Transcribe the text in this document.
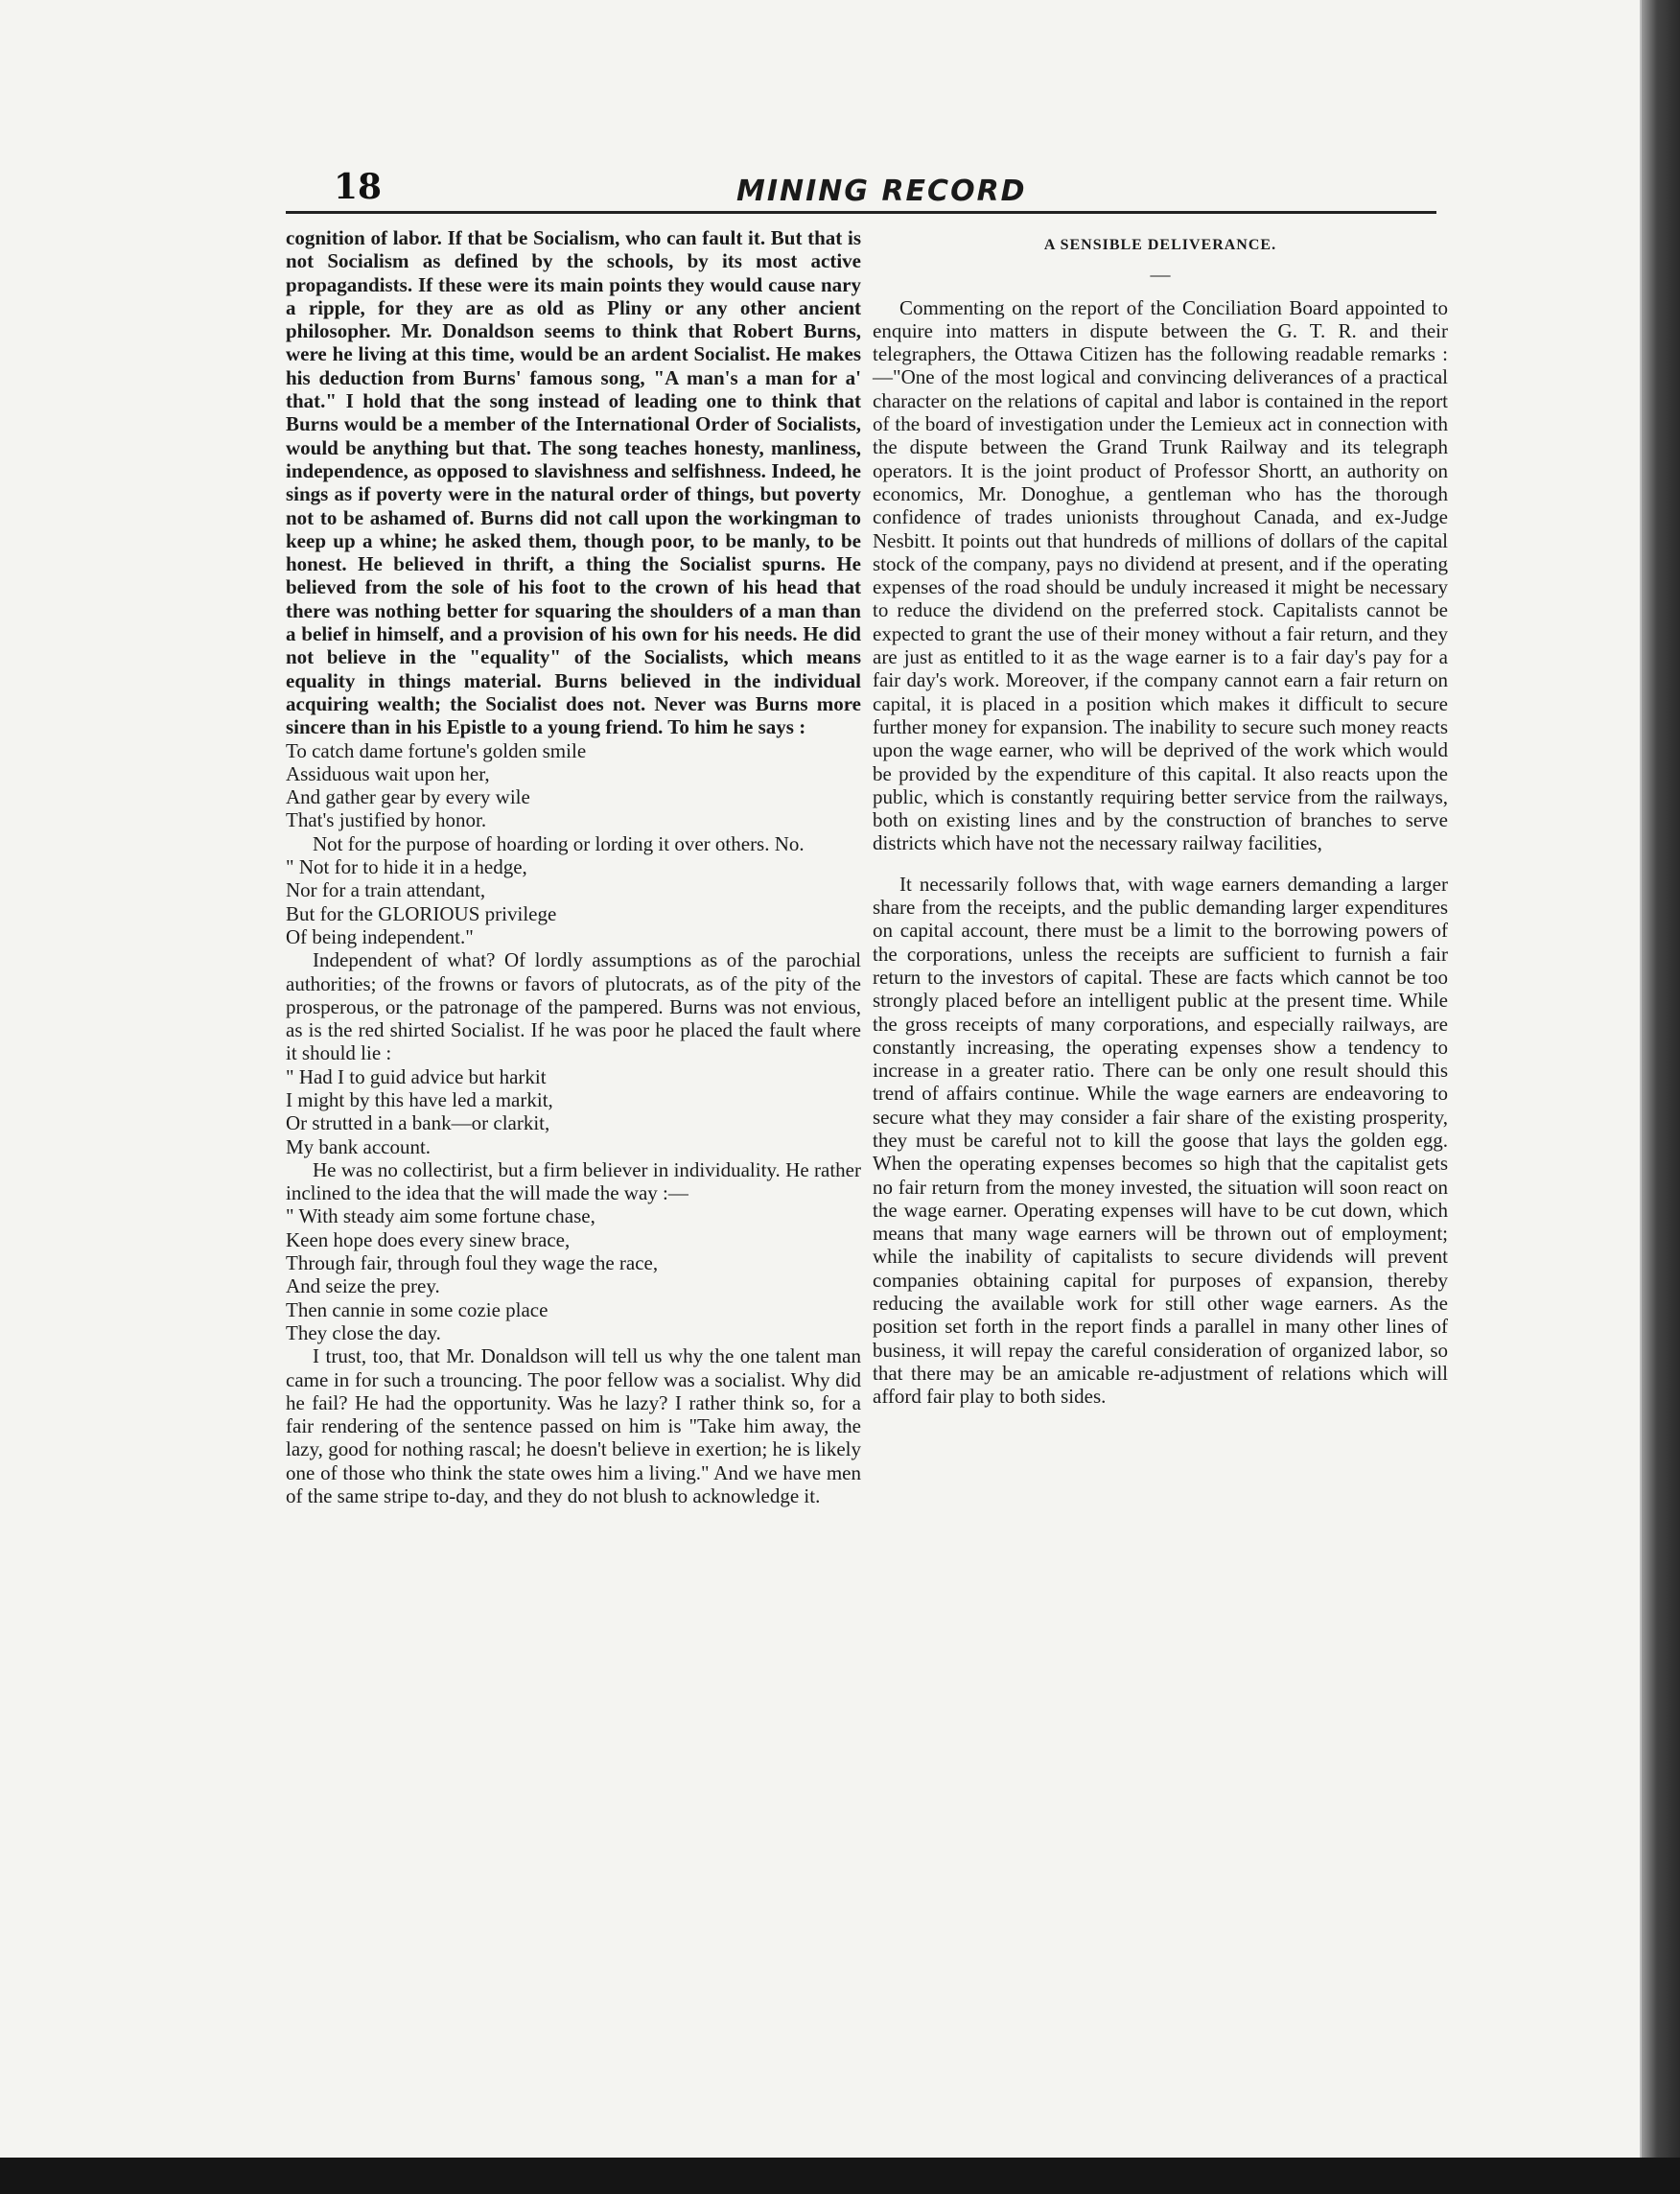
18	MINING RECORD

cognition of labor. If that be Socialism, who can fault it. But that is not Socialism as defined by the schools, by its most active propagandists. If these were its main points they would cause nary a ripple, for they are as old as Pliny or any other ancient philosopher. Mr. Donaldson seems to think that Robert Burns, were he living at this time, would be an ardent Socialist. He makes his deduction from Burns' famous song, "A man's a man for a' that." I hold that the song instead of leading one to think that Burns would be a member of the International Order of Socialists, would be anything but that. The song teaches honesty, manliness, independence, as opposed to slavishness and selfishness. Indeed, he sings as if poverty were in the natural order of things, but poverty not to be ashamed of. Burns did not call upon the workingman to keep up a whine; he asked them, though poor, to be manly, to be honest. He believed in thrift, a thing the Socialist spurns. He believed from the sole of his foot to the crown of his head that there was nothing better for squaring the shoulders of a man than a belief in himself, and a provision of his own for his needs. He did not believe in the "equality" of the Socialists, which means equality in things material. Burns believed in the individual acquiring wealth; the Socialist does not. Never was Burns more sincere than in his Epistle to a young friend. To him he says :

To catch dame fortune's golden smile
Assiduous wait upon her,
And gather gear by every wile
That's justified by honor.

Not for the purpose of hoarding or lording it over others. No.

" Not for to hide it in a hedge,
Nor for a train attendant,
But for the GLORIOUS privilege
Of being independent."

Independent of what? Of lordly assumptions as of the parochial authorities; of the frowns or favors of plutocrats, as of the pity of the prosperous, or the patronage of the pampered. Burns was not envious, as is the red shirted Socialist. If he was poor he placed the fault where it should lie :

" Had I to guid advice but harkit
I might by this have led a markit,
Or strutted in a bank—or clarkit,
My bank account.

He was no collectirist, but a firm believer in individuality. He rather inclined to the idea that the will made the way :—

" With steady aim some fortune chase,
Keen hope does every sinew brace,
Through fair, through foul they wage the race,
And seize the prey.
Then cannie in some cozie place
They close the day.

I trust, too, that Mr. Donaldson will tell us why the one talent man came in for such a trouncing. The poor fellow was a socialist. Why did he fail? He had the opportunity. Was he lazy? I rather think so, for a fair rendering of the sentence passed on him is "Take him away, the lazy, good for nothing rascal; he doesn't believe in exertion; he is likely one of those who think the state owes him a living." And we have men of the same stripe to-day, and they do not blush to acknowledge it.

A SENSIBLE DELIVERANCE.

—

Commenting on the report of the Conciliation Board appointed to enquire into matters in dispute between the G. T. R. and their telegraphers, the Ottawa Citizen has the following readable remarks :—"One of the most logical and convincing deliverances of a practical character on the relations of capital and labor is contained in the report of the board of investigation under the Lemieux act in connection with the dispute between the Grand Trunk Railway and its telegraph operators. It is the joint product of Professor Shortt, an authority on economics, Mr. Donoghue, a gentleman who has the thorough confidence of trades unionists throughout Canada, and ex-Judge Nesbitt. It points out that hundreds of millions of dollars of the capital stock of the company, pays no dividend at present, and if the operating expenses of the road should be unduly increased it might be necessary to reduce the dividend on the preferred stock. Capitalists cannot be expected to grant the use of their money without a fair return, and they are just as entitled to it as the wage earner is to a fair day's pay for a fair day's work. Moreover, if the company cannot earn a fair return on capital, it is placed in a position which makes it difficult to secure further money for expansion. The inability to secure such money reacts upon the wage earner, who will be deprived of the work which would be provided by the expenditure of this capital. It also reacts upon the public, which is constantly requiring better service from the railways, both on existing lines and by the construction of branches to serve districts which have not the necessary railway facilities,

It necessarily follows that, with wage earners demanding a larger share from the receipts, and the public demanding larger expenditures on capital account, there must be a limit to the borrowing powers of the corporations, unless the receipts are sufficient to furnish a fair return to the investors of capital. These are facts which cannot be too strongly placed before an intelligent public at the present time. While the gross receipts of many corporations, and especially railways, are constantly increasing, the operating expenses show a tendency to increase in a greater ratio. There can be only one result should this trend of affairs continue. While the wage earners are endeavoring to secure what they may consider a fair share of the existing prosperity, they must be careful not to kill the goose that lays the golden egg. When the operating expenses becomes so high that the capitalist gets no fair return from the money invested, the situation will soon react on the wage earner. Operating expenses will have to be cut down, which means that many wage earners will be thrown out of employment; while the inability of capitalists to secure dividends will prevent companies obtaining capital for purposes of expansion, thereby reducing the available work for still other wage earners. As the position set forth in the report finds a parallel in many other lines of business, it will repay the careful consideration of organized labor, so that there may be an amicable re-adjustment of relations which will afford fair play to both sides.
